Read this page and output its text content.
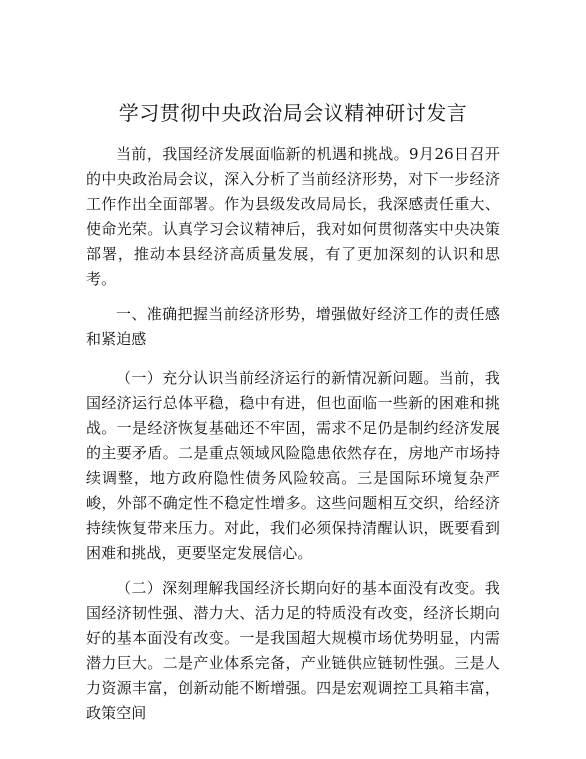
学习贯彻中央政治局会议精神研讨发言

当前，我国经济发展面临新的机遇和挑战。9月26日召开的中央政治局会议，深入分析了当前经济形势，对下一步经济工作作出全面部署。作为县级发改局局长，我深感责任重大、使命光荣。认真学习会议精神后，我对如何贯彻落实中央决策部署，推动本县经济高质量发展，有了更加深刻的认识和思考。

一、准确把握当前经济形势，增强做好经济工作的责任感和紧迫感

（一）充分认识当前经济运行的新情况新问题。当前，我国经济运行总体平稳，稳中有进，但也面临一些新的困难和挑战。一是经济恢复基础还不牢固，需求不足仍是制约经济发展的主要矛盾。二是重点领域风险隐患依然存在，房地产市场持续调整，地方政府隐性债务风险较高。三是国际环境复杂严峻，外部不确定性不稳定性增多。这些问题相互交织，给经济持续恢复带来压力。对此，我们必须保持清醒认识，既要看到困难和挑战，更要坚定发展信心。

（二）深刻理解我国经济长期向好的基本面没有改变。我国经济韧性强、潜力大、活力足的特质没有改变，经济长期向好的基本面没有改变。一是我国超大规模市场优势明显，内需潜力巨大。二是产业体系完备，产业链供应链韧性强。三是人力资源丰富，创新动能不断增强。四是宏观调控工具箱丰富，政策空间
